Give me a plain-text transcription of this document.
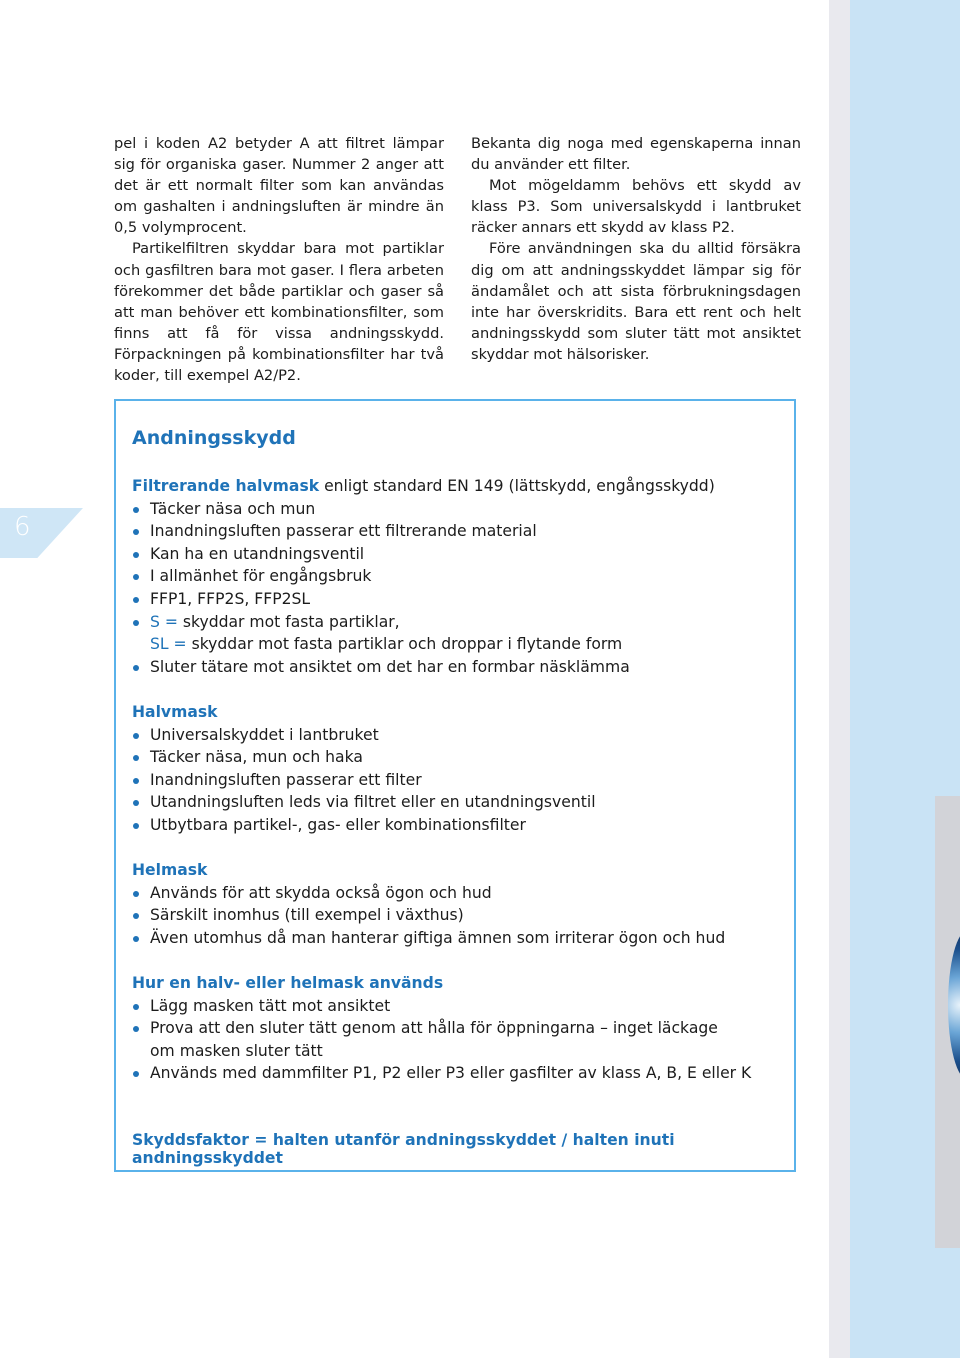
6

pel i koden A2 betyder A att filtret lämpar sig för organiska gaser. Nummer 2 anger att det är ett normalt filter som kan användas om gashalten i andningsluften är mindre än 0,5 volymprocent.

Partikelfiltren skyddar bara mot partiklar och gasfiltren bara mot gaser. I flera arbeten förekommer det både partiklar och gaser så att man behöver ett kombinationsfilter, som finns att få för vissa andningsskydd. Förpackningen på kombinationsfilter har två koder, till exempel A2/P2.

Bekanta dig noga med egenskaperna innan du använder ett filter.

Mot mögeldamm behövs ett skydd av klass P3. Som universalskydd i lantbruket räcker annars ett skydd av klass P2.

Före användningen ska du alltid försäkra dig om att andningsskyddet lämpar sig för ändamålet och att sista förbrukningsdagen inte har överskridits. Bara ett rent och helt andningsskydd som sluter tätt mot ansiktet skyddar mot hälsorisker.

Andningsskydd
Filtrerande halvmask enligt standard EN 149 (lättskydd, engångsskydd)
Täcker näsa och mun
Inandningsluften passerar ett filtrerande material
Kan ha en utandningsventil
I allmänhet för engångsbruk
FFP1, FFP2S, FFP2SL
S = skyddar mot fasta partiklar,
SL = skyddar mot fasta partiklar och droppar i flytande form
Sluter tätare mot ansiktet om det har en formbar näsklämma
Halvmask
Universalskyddet i lantbruket
Täcker näsa, mun och haka
Inandningsluften passerar ett filter
Utandningsluften leds via filtret eller en utandningsventil
Utbytbara partikel-, gas- eller kombinationsfilter
Helmask
Används för att skydda också ögon och hud
Särskilt inomhus (till exempel i växthus)
Även utomhus då man hanterar giftiga ämnen som irriterar ögon och hud
Hur en halv- eller helmask används
Lägg masken tätt mot ansiktet
Prova att den sluter tätt genom att hålla för öppningarna – inget läckage
om masken sluter tätt
Används med dammfilter P1, P2 eller P3 eller gasfilter av klass A, B, E eller K
Skyddsfaktor = halten utanför andningsskyddet / halten inuti andningsskyddet
